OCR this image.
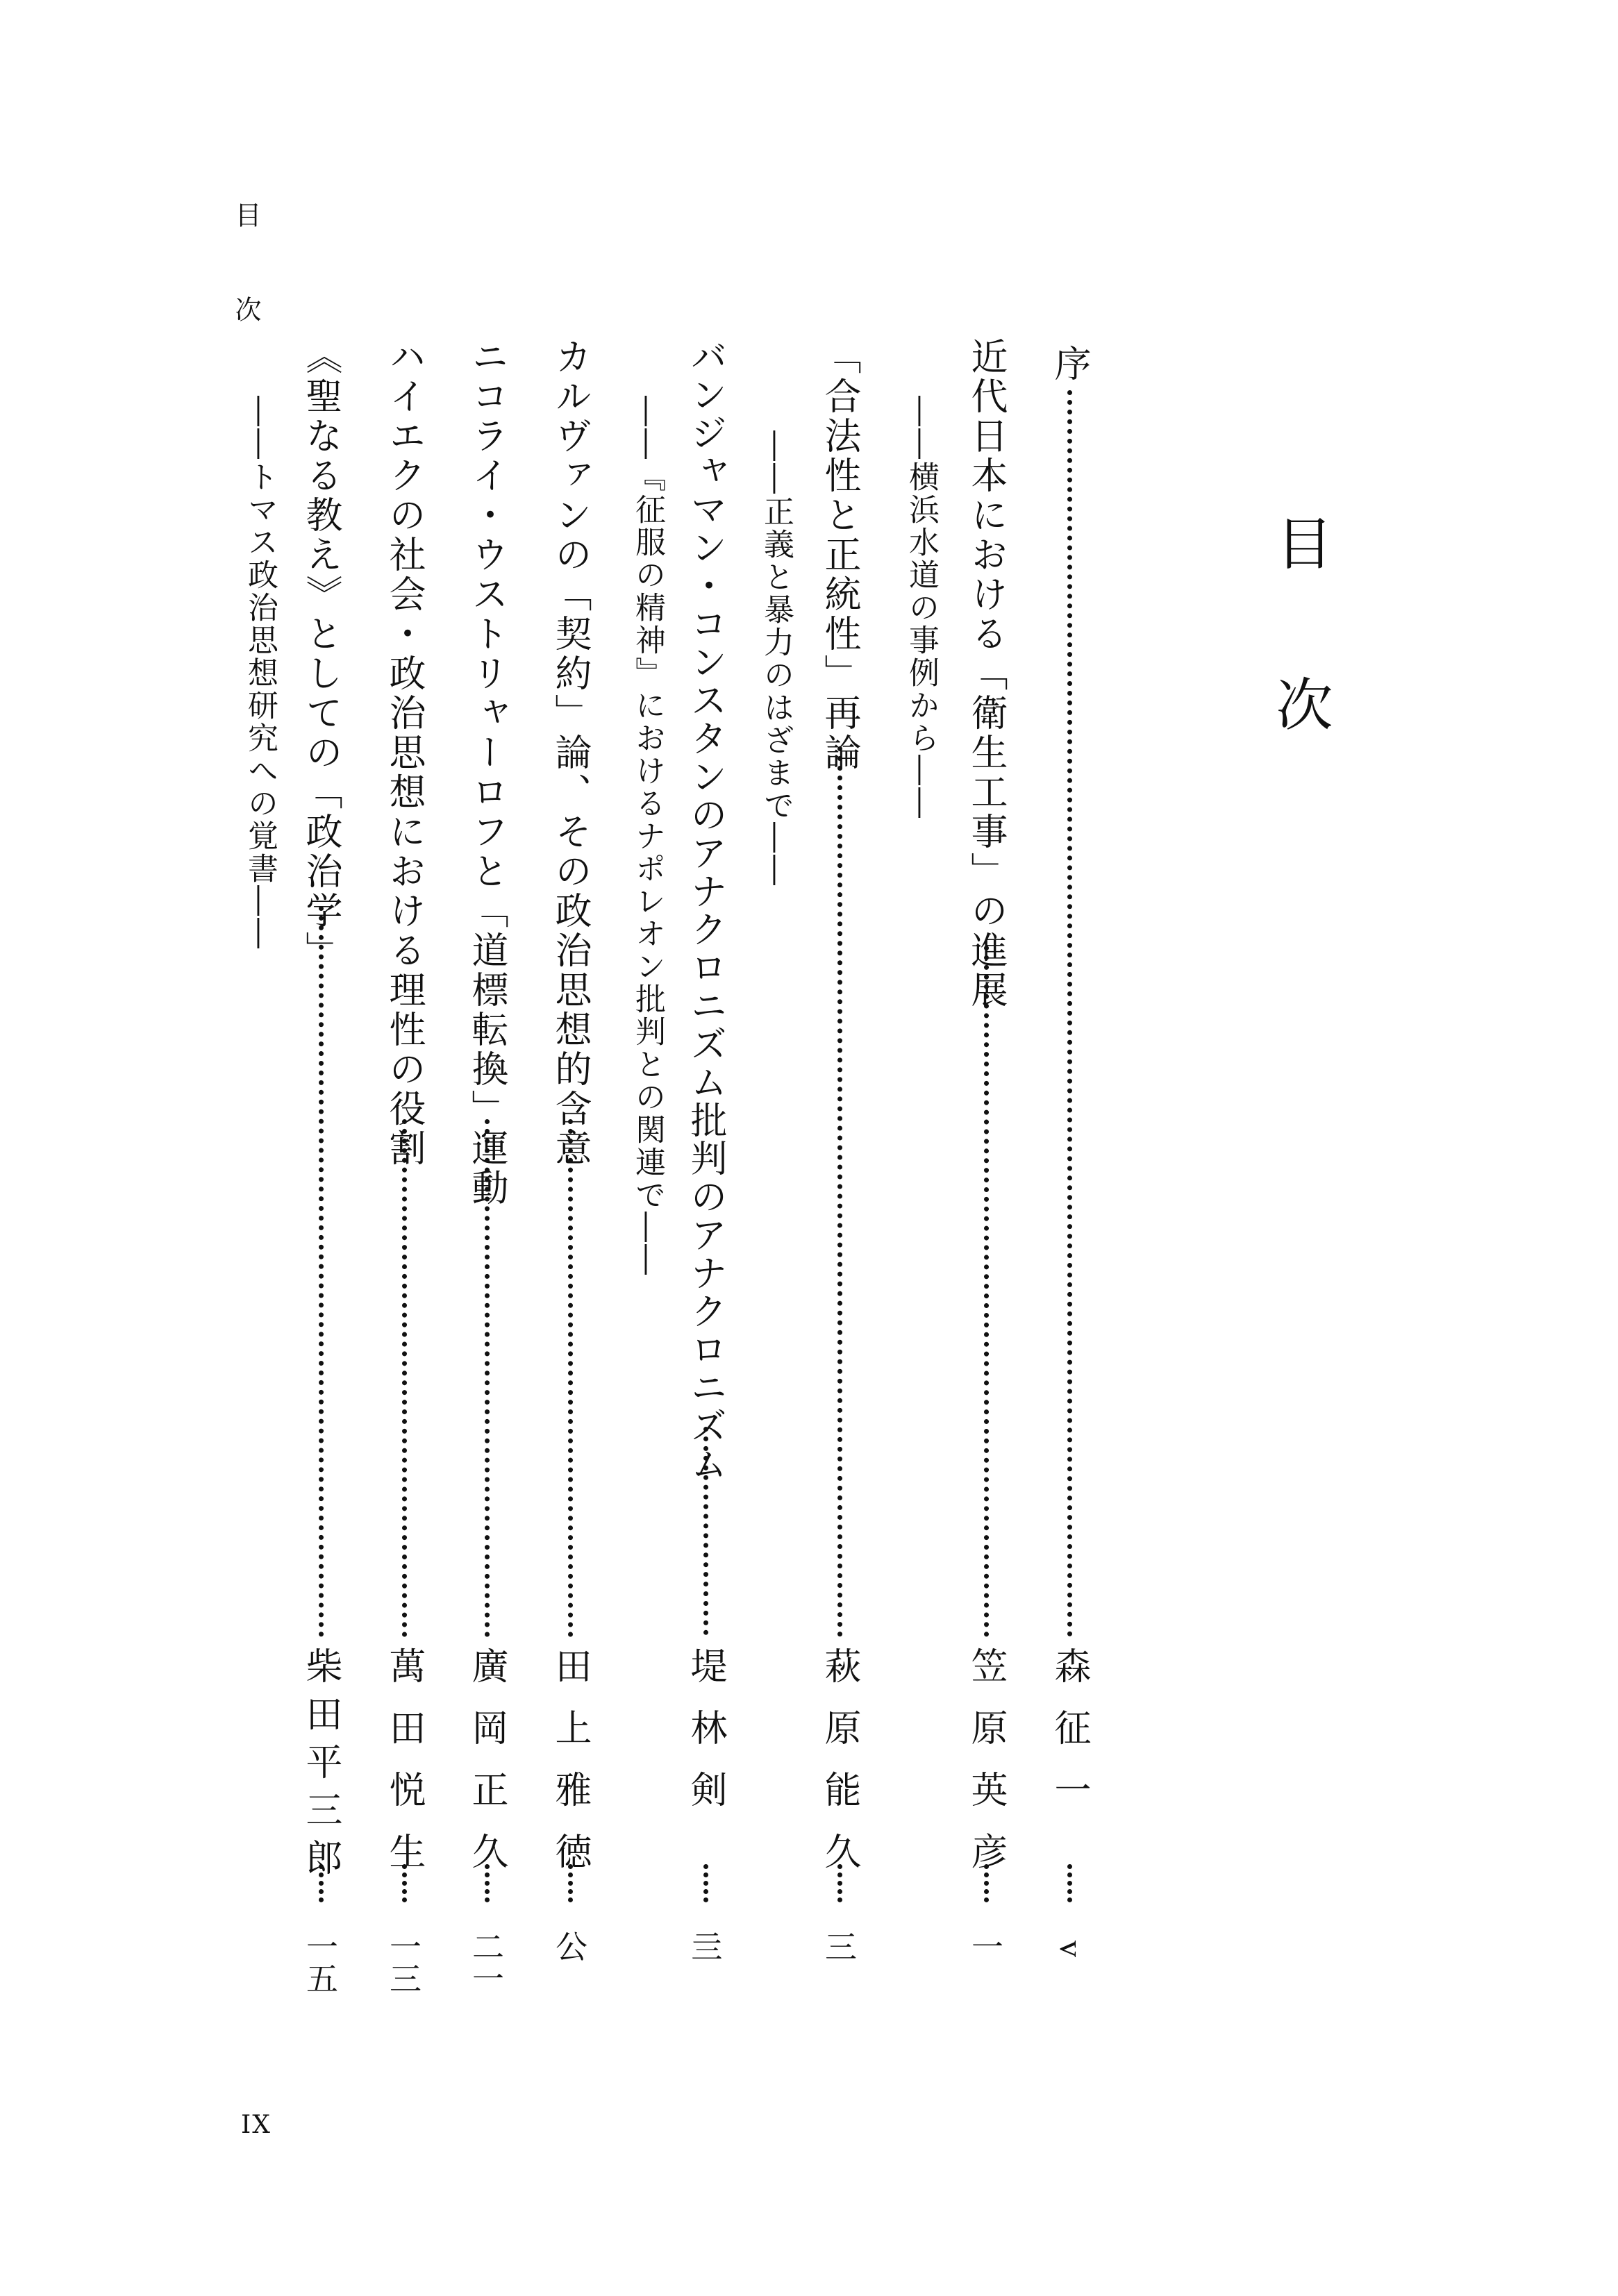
目次
目次
序
森征一
v
近代日本における「衛生工事」の進展
――横浜水道の事例から――
笠原英彦
一
「合法性と正統性」再論
――正義と暴力のはざまで――
萩原能久
三
バンジャマン・コンスタンのアナクロニズム批判のアナクロニズム
――『征服の精神』におけるナポレオン批判との関連で――
堤林剣
亖
カルヴァンの「契約」論、その政治思想的含意
田上雅徳
公
ニコライ・ウストリャーロフと「道標転換」運動
廣岡正久
二一
ハイエクの社会・政治思想における理性の役割
萬田悦生
一三
《聖なる教え》としての「政治学」
――トマス政治思想研究への覚書――
柴田平三郎
一五
IX
